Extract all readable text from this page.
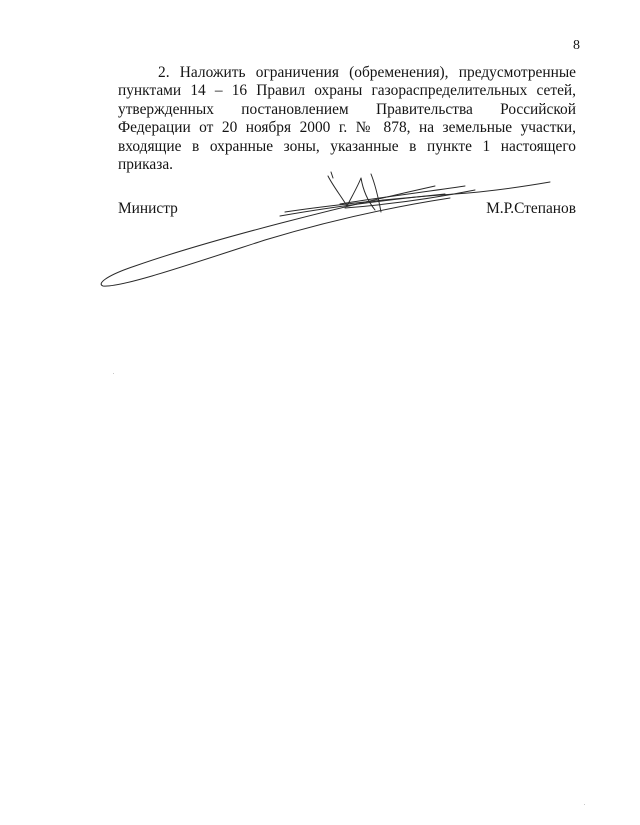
8

2. Наложить ограничения (обременения), предусмотренные пунктами 14 – 16 Правил охраны газораспределительных сетей, утвержденных постановлением Правительства Российской Федерации от 20 ноября 2000 г. № 878, на земельные участки, входящие в охранные зоны, указанные в пункте 1 настоящего приказа.

Министр	М.Р.Степанов
